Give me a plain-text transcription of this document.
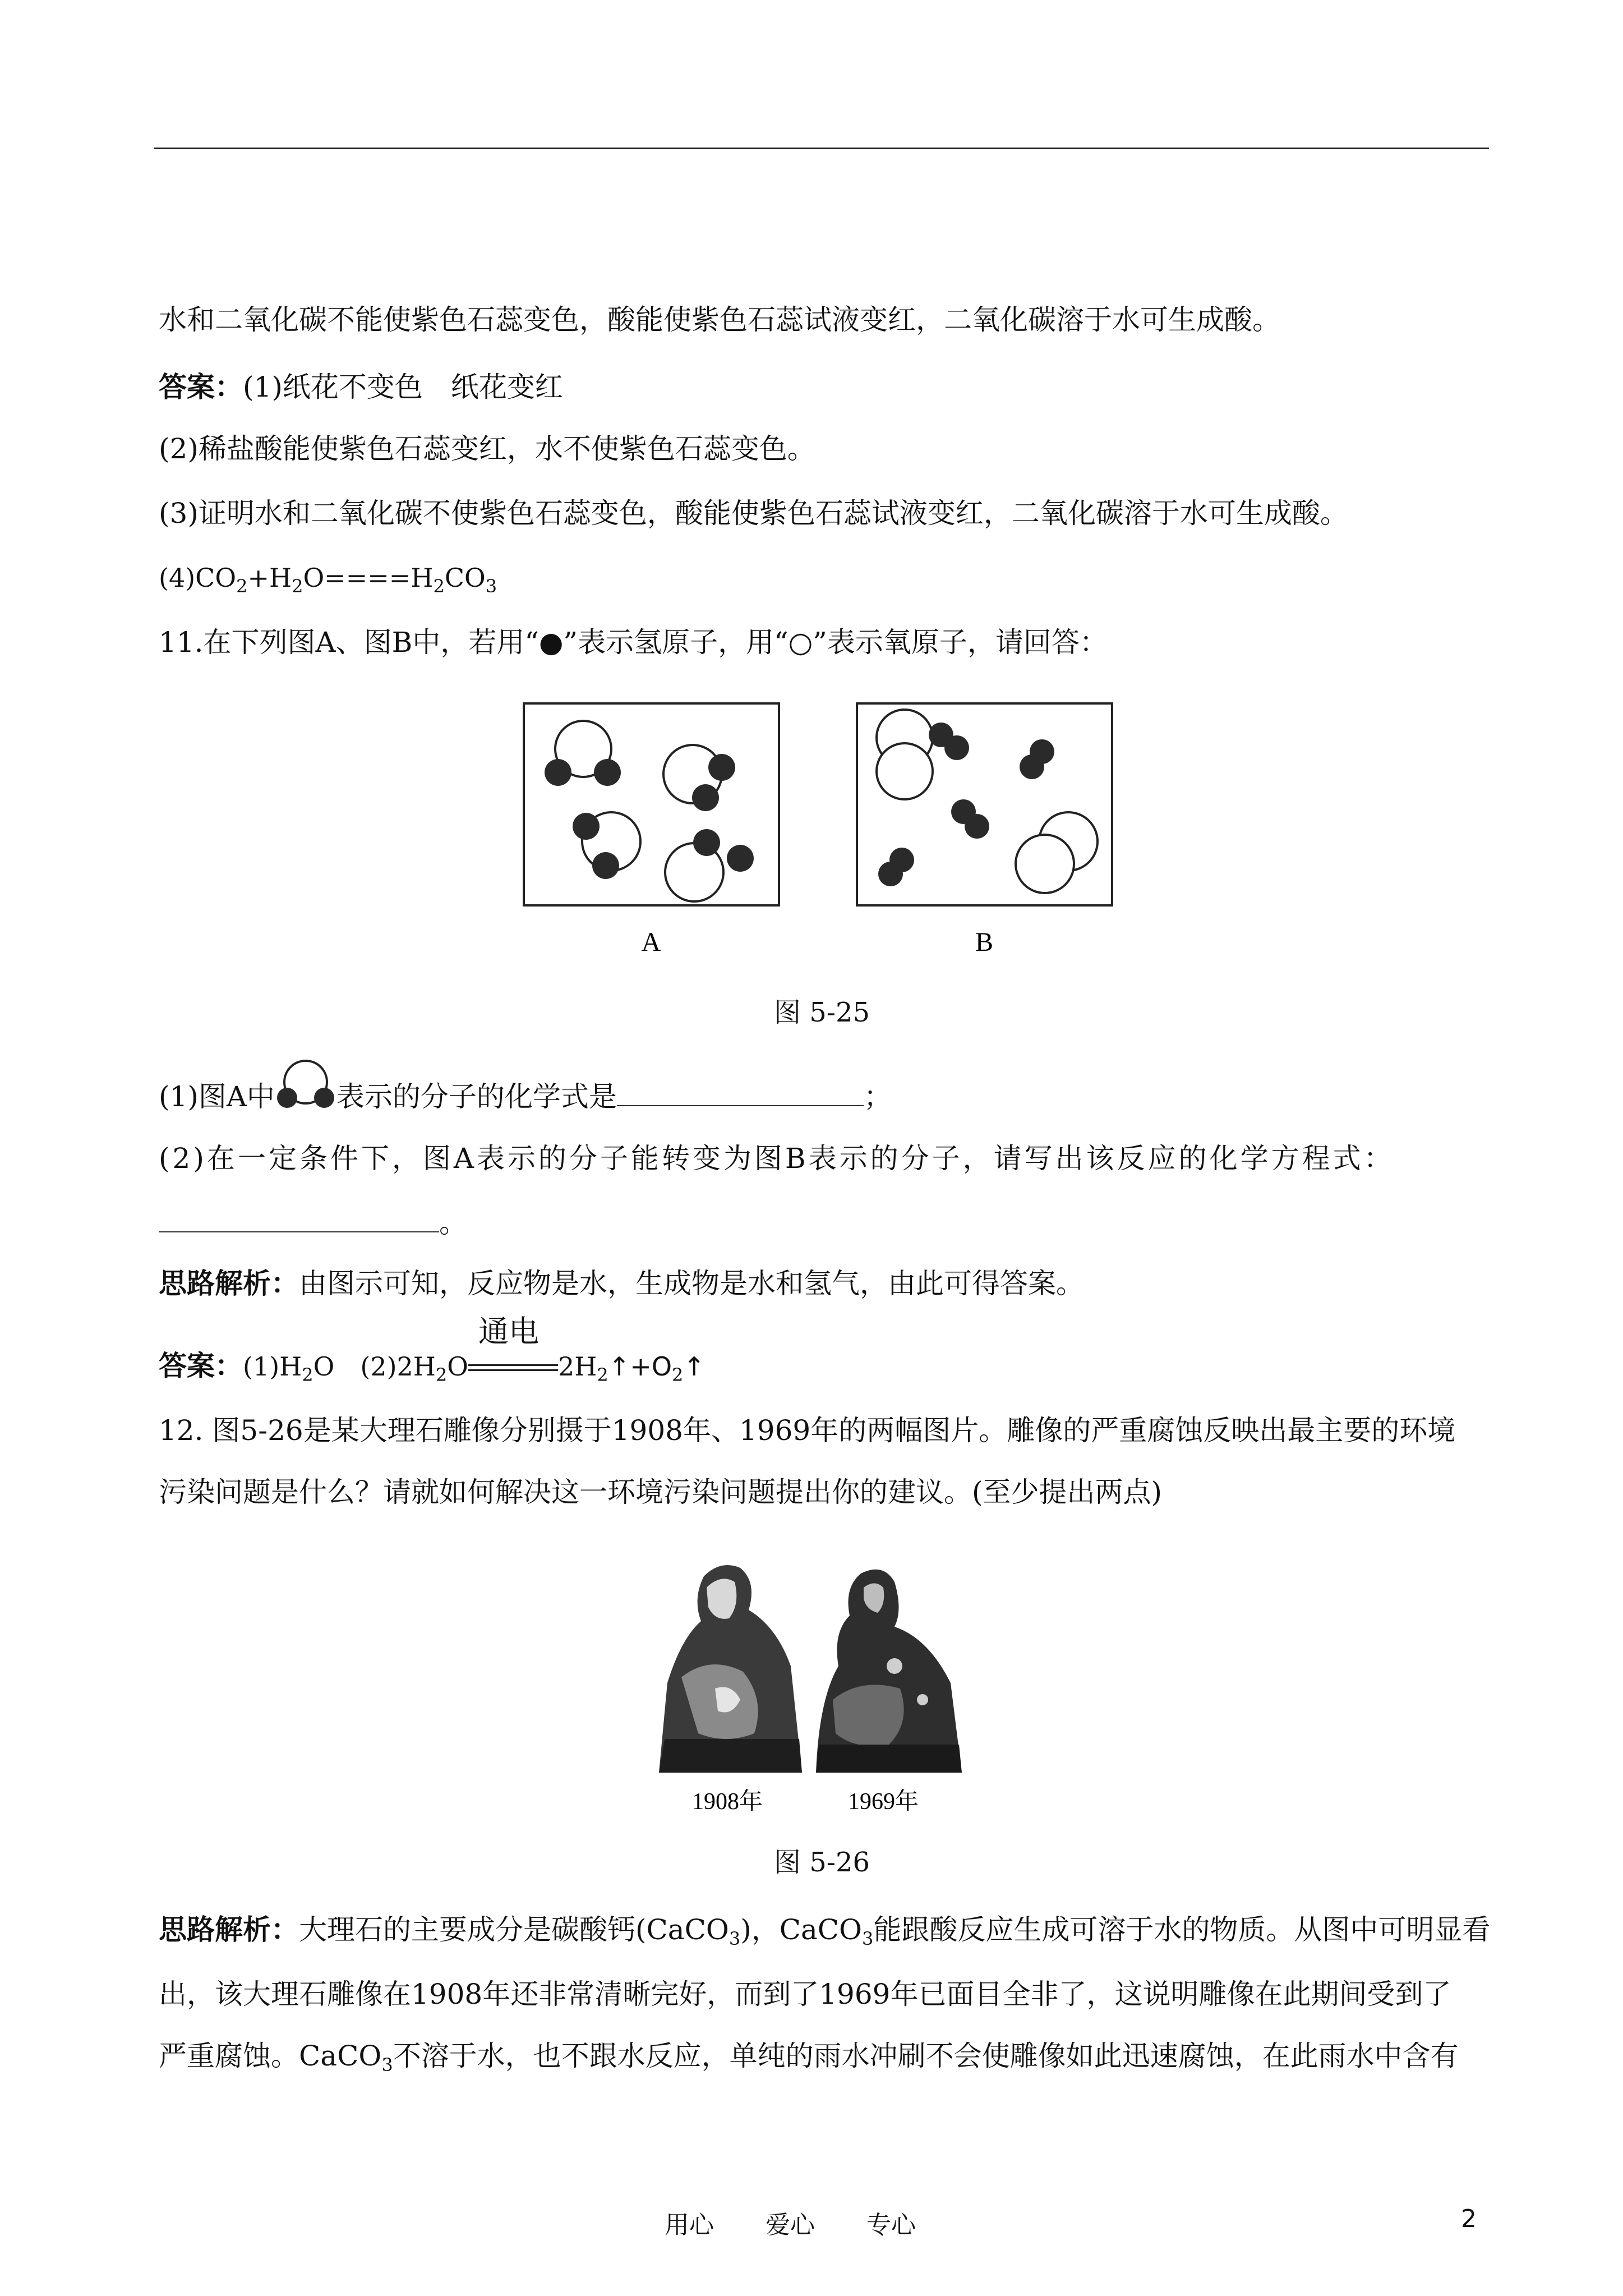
水和二氧化碳不能使紫色石蕊变色，酸能使紫色石蕊试液变红，二氧化碳溶于水可生成酸。
答案：(1)纸花不变色　纸花变红
(2)稀盐酸能使紫色石蕊变红，水不使紫色石蕊变色。
(3)证明水和二氧化碳不使紫色石蕊变色，酸能使紫色石蕊试液变红，二氧化碳溶于水可生成酸。
$(4)CO_2+H_2O====H_2CO_3$
11.在下列图A、图B中，若用“●”表示氢原子，用“○”表示氧原子，请回答：
A	B
图 5-25
(1)图A中 表示的分子的化学式是	；
(2)在一定条件下，图A表示的分子能转变为图B表示的分子，请写出该反应的化学方程式：
。
思路解析：由图示可知，反应物是水，生成物是水和氢气，由此可得答案。
答案：$(1)H_2O$　$(2)2H_2O$
通电
$2H_2↑+O_2↑$
12. 图5-26是某大理石雕像分别摄于1908年、1969年的两幅图片。雕像的严重腐蚀反映出最主要的环境
污染问题是什么？请就如何解决这一环境污染问题提出你的建议。(至少提出两点)
1908年	1969年
图 5-26
思路解析：大理石的主要成分是碳酸钙(CaCO$_3$)，CaCO$_3$能跟酸反应生成可溶于水的物质。从图中可明显看
出，该大理石雕像在1908年还非常清晰完好，而到了1969年已面目全非了，这说明雕像在此期间受到了
严重腐蚀。CaCO$_3$不溶于水，也不跟水反应，单纯的雨水冲刷不会使雕像如此迅速腐蚀，在此雨水中含有
用心 爱心 专心	2
